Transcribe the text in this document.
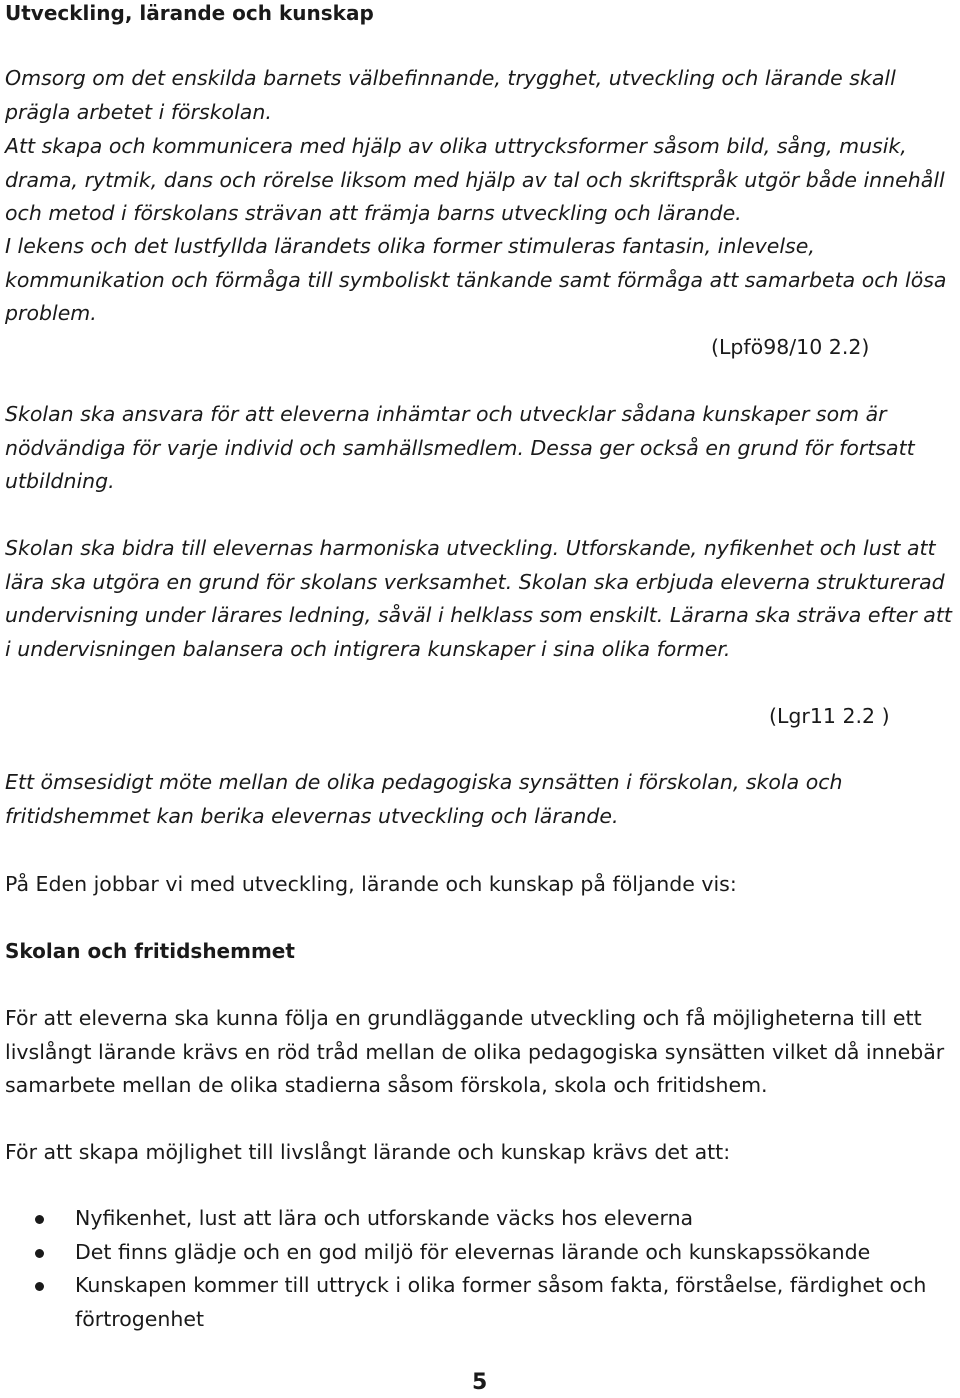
Utveckling, lärande och kunskap

Omsorg om det enskilda barnets välbefinnande, trygghet, utveckling och lärande skall prägla arbetet i förskolan.

Att skapa och kommunicera med hjälp av olika uttrycksformer såsom bild, sång, musik, drama, rytmik, dans och rörelse liksom med hjälp av tal och skriftspråk utgör både innehåll och metod i förskolans strävan att främja barns utveckling och lärande.

I lekens och det lustfyllda lärandets olika former stimuleras fantasin, inlevelse, kommunikation och förmåga till symboliskt tänkande samt förmåga att samarbeta och lösa problem.

(Lpfö98/10 2.2)

Skolan ska ansvara för att eleverna inhämtar och utvecklar sådana kunskaper som är nödvändiga för varje individ och samhällsmedlem. Dessa ger också en grund för fortsatt utbildning.

Skolan ska bidra till elevernas harmoniska utveckling. Utforskande, nyfikenhet och lust att lära ska utgöra en grund för skolans verksamhet. Skolan ska erbjuda eleverna strukturerad undervisning under lärares ledning, såväl i helklass som enskilt. Lärarna ska sträva efter att i undervisningen balansera och intigrera kunskaper i sina olika former.

(Lgr11 2.2 )

Ett ömsesidigt möte mellan de olika pedagogiska synsätten i förskolan, skola och fritidshemmet kan berika elevernas utveckling och lärande.

På Eden jobbar vi med utveckling, lärande och kunskap på följande vis:

Skolan och fritidshemmet

För att eleverna ska kunna följa en grundläggande utveckling och få möjligheterna till ett livslångt lärande krävs en röd tråd mellan de olika pedagogiska synsätten vilket då innebär samarbete mellan de olika stadierna såsom förskola, skola och fritidshem.

För att skapa möjlighet till livslångt lärande och kunskap krävs det att:

Nyfikenhet, lust att lära och utforskande väcks hos eleverna
Det finns glädje och en god miljö för elevernas lärande och kunskapssökande
Kunskapen kommer till uttryck i olika former såsom fakta, förståelse, färdighet och förtrogenhet
5
